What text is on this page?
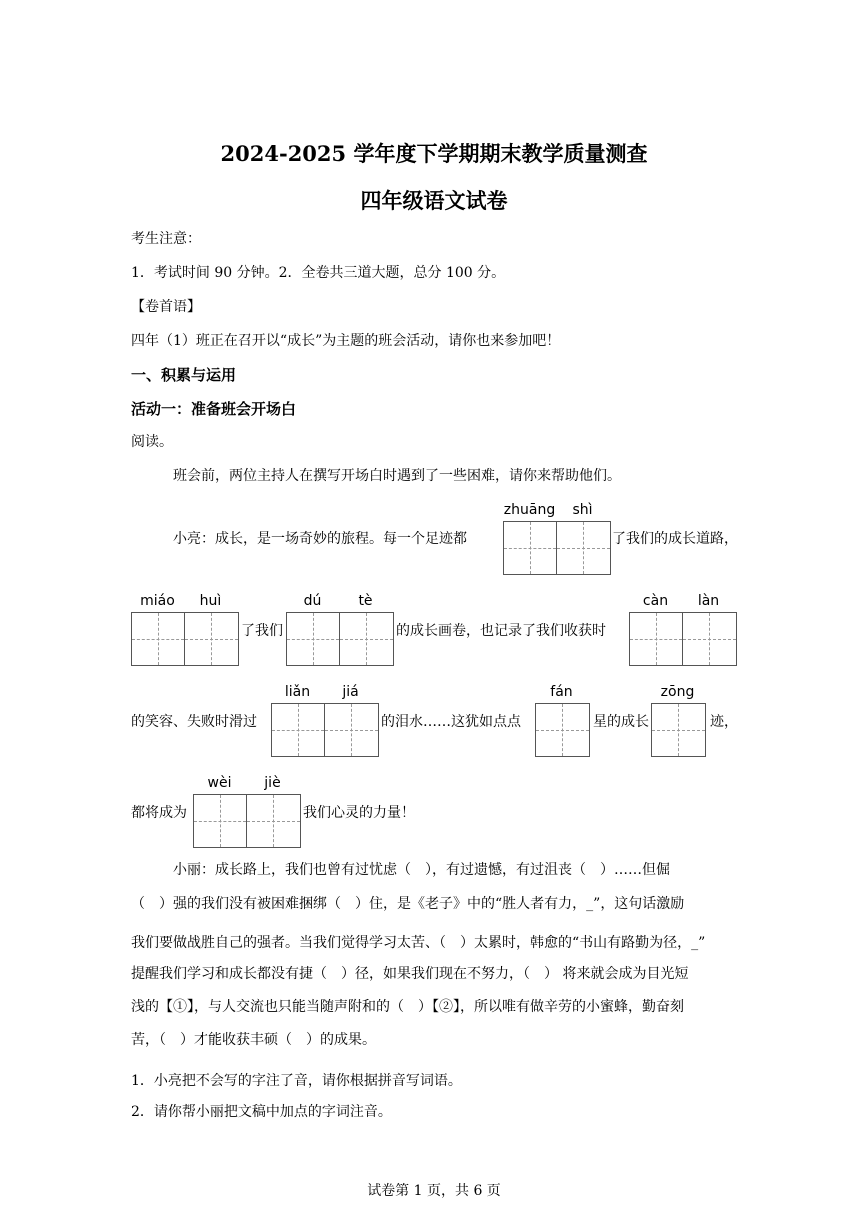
2024-2025 学年度下学期期末教学质量测查
四年级语文试卷
考生注意：
1．考试时间 90 分钟。2．全卷共三道大题，总分 100 分。
【卷首语】
四年（1）班正在召开以“成长”为主题的班会活动，请你也来参加吧！
一、积累与运用
活动一：准备班会开场白
阅读。
班会前，两位主持人在撰写开场白时遇到了一些困难，请你来帮助他们。
小亮：成长，是一场奇妙的旅程。每一个足迹都
zhuāng	shì
了我们的成长道路，
miáo	huì
了我们
dú	tè
的成长画卷，也记录了我们收获时
càn	làn
的笑容、失败时滑过
liǎn	jiá
的泪水……这犹如点点
fán
星的成长
zōng
迹，
都将成为
wèi	jiè
我们心灵的力量！
小丽：成长路上，我们也曾有过忧虑（　），有过遗憾，有过沮丧（　）……但倔
（　）强的我们没有被困难捆绑（　）住，是《老子》中的“胜人者有力，_”，这句话激励
我们要做战胜自己的强者。当我们觉得学习太苦、（　）太累时，韩愈的“书山有路勤为径，_”
提醒我们学习和成长都没有捷（　）径，如果我们现在不努力，（　） 将来就会成为目光短
浅的【①】，与人交流也只能当随声附和的（　）【②】，所以唯有做辛劳的小蜜蜂，勤奋刻
苦，（　）才能收获丰硕（　）的成果。
1．小亮把不会写的字注了音，请你根据拼音写词语。
2．请你帮小丽把文稿中加点的字词注音。
试卷第 1 页，共 6 页
